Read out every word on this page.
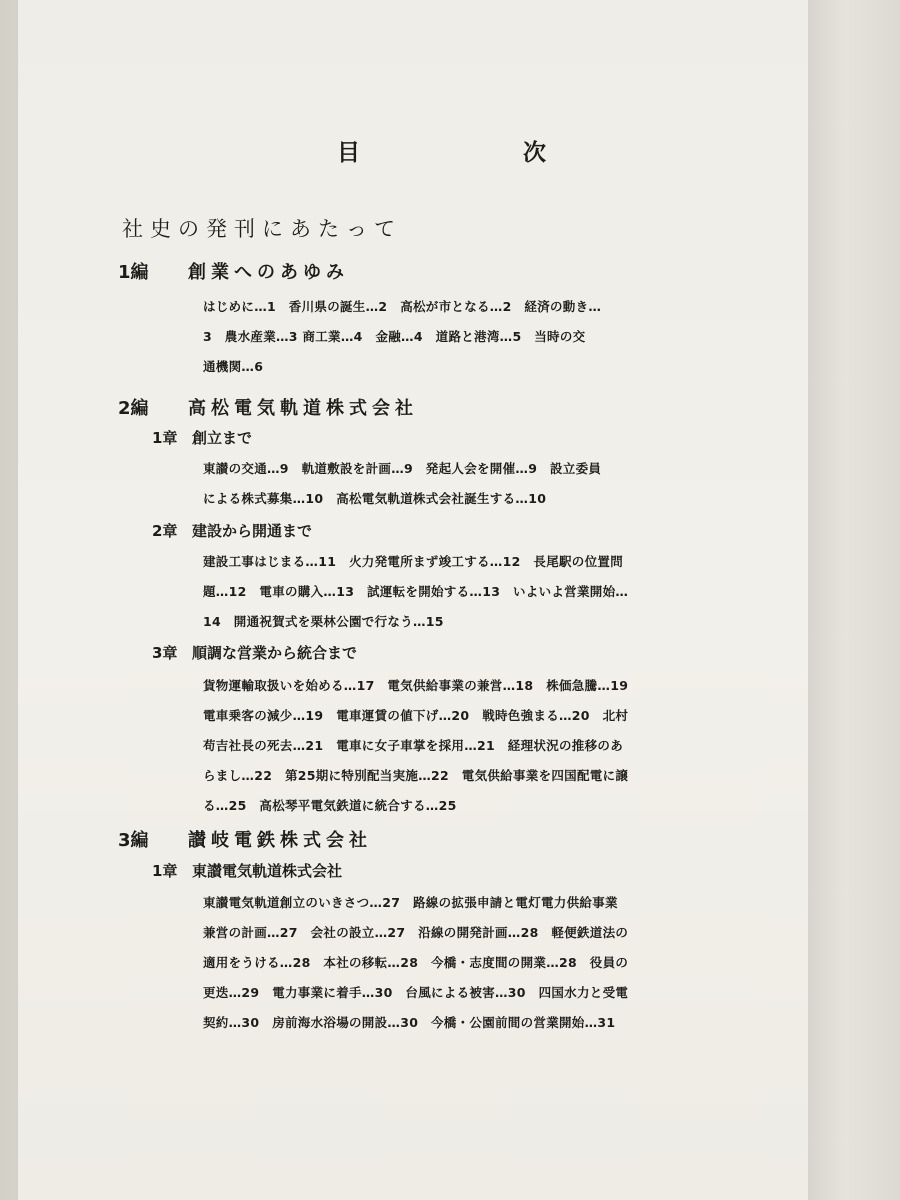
目　次
社史の発刊にあたって
1編 創業へのあゆみ
はじめに…1　香川県の誕生…2　高松が市となる…2　経済の動き…
3　農水産業…3 商工業…4　金融…4　道路と港湾…5　当時の交
通機関…6
2編 高松電気軌道株式会社
1章 創立まで
東讃の交通…9　軌道敷設を計画…9　発起人会を開催…9　設立委員
による株式募集…10　高松電気軌道株式会社誕生する…10
2章 建設から開通まで
建設工事はじまる…11　火力発電所まず竣工する…12　長尾駅の位置問
題…12　電車の購入…13　試運転を開始する…13　いよいよ営業開始…
14　開通祝賀式を栗林公園で行なう…15
3章 順調な営業から統合まで
貨物運輸取扱いを始める…17　電気供給事業の兼営…18　株価急騰…19
電車乗客の減少…19　電車運賃の値下げ…20　戦時色強まる…20　北村
苟吉社長の死去…21　電車に女子車掌を採用…21　経理状況の推移のあ
らまし…22　第25期に特別配当実施…22　電気供給事業を四国配電に譲
る…25　高松琴平電気鉄道に統合する…25
3編 讃岐電鉄株式会社
1章 東讃電気軌道株式会社
東讃電気軌道創立のいきさつ…27　路線の拡張申請と電灯電力供給事業
兼営の計画…27　会社の設立…27　沿線の開発計画…28　軽便鉄道法の
適用をうける…28　本社の移転…28　今橋・志度間の開業…28　役員の
更迭…29　電力事業に着手…30　台風による被害…30　四国水力と受電
契約…30　房前海水浴場の開設…30　今橋・公園前間の営業開始…31
